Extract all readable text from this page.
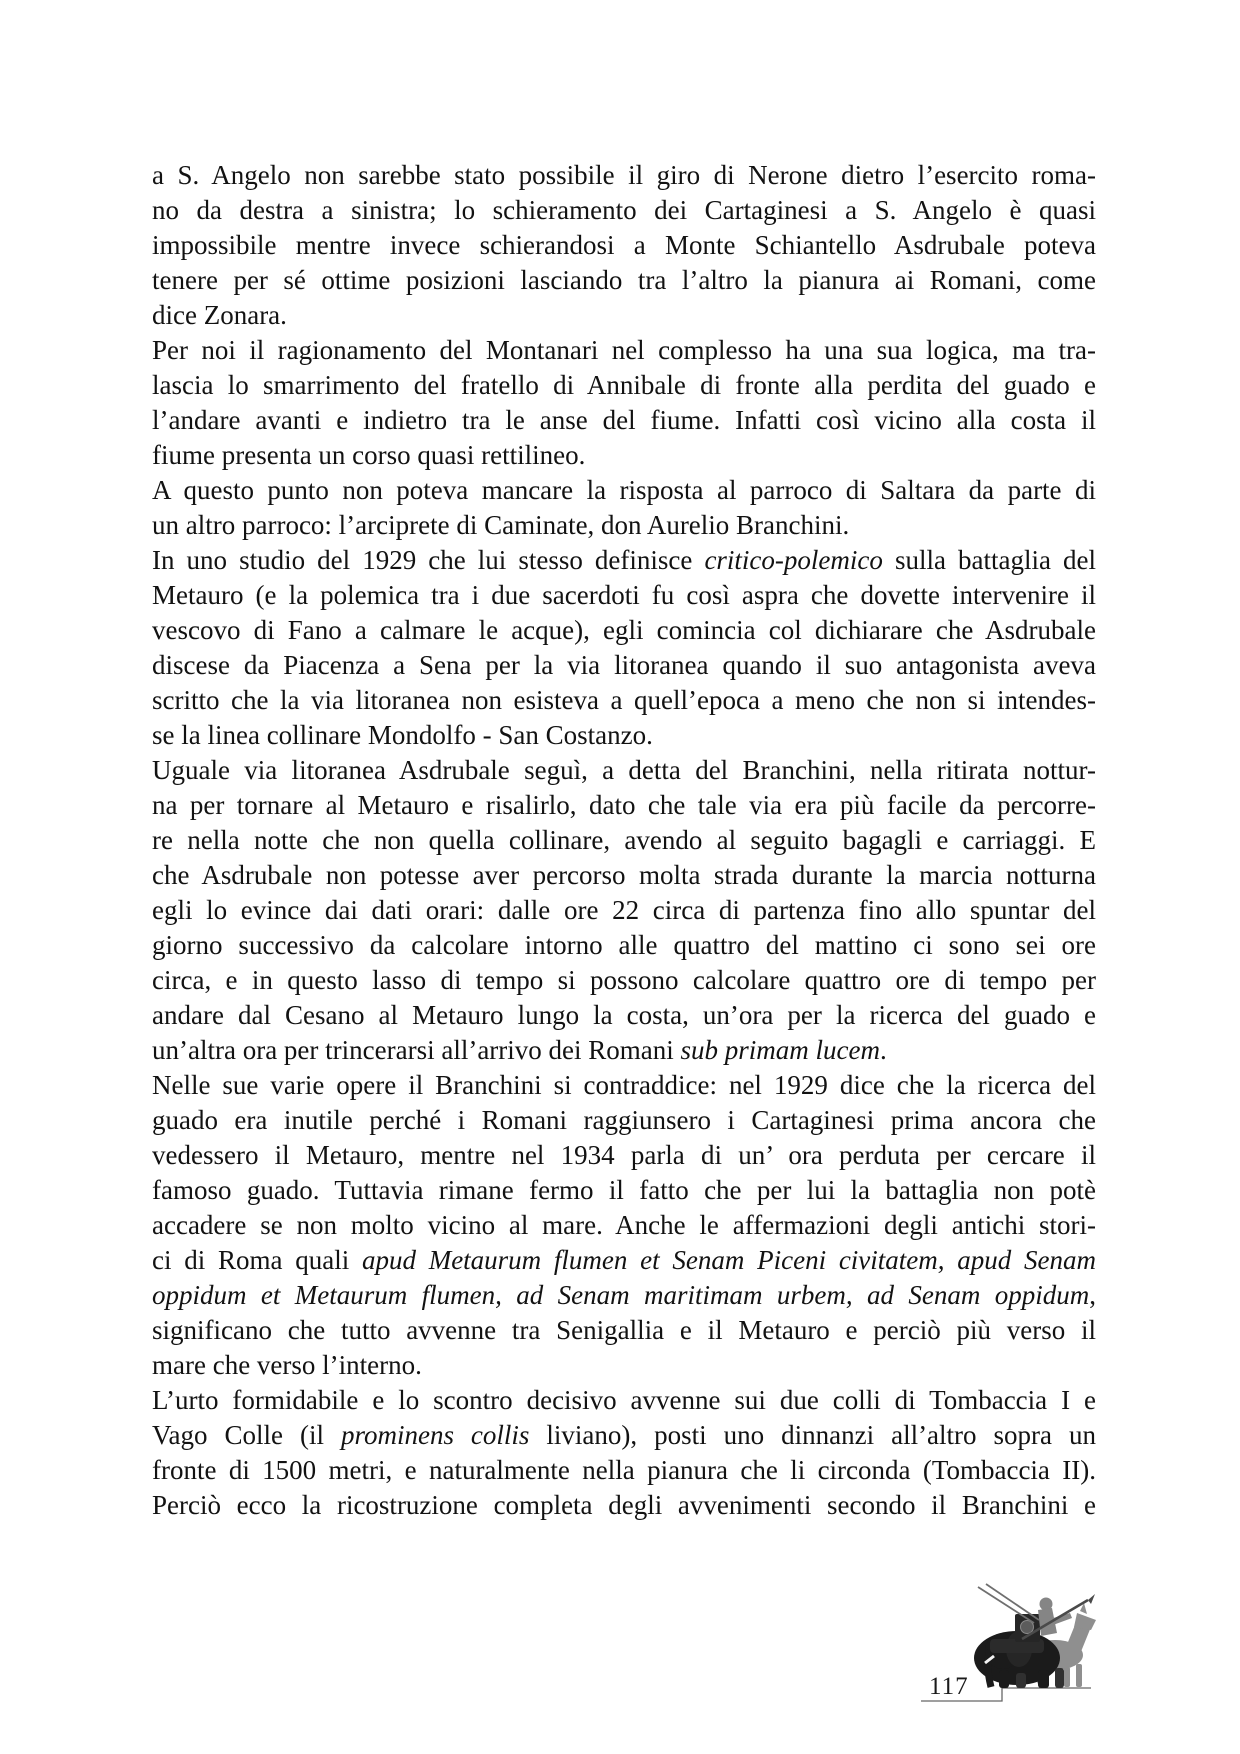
a S. Angelo non sarebbe stato possibile il giro di Nerone dietro l’esercito roma-
no da destra a sinistra; lo schieramento dei Cartaginesi a S. Angelo è quasi
impossibile mentre invece schierandosi a Monte Schiantello Asdrubale poteva
tenere per sé ottime posizioni lasciando tra l’altro la pianura ai Romani, come
dice Zonara.
Per noi il ragionamento del Montanari nel complesso ha una sua logica, ma tra-
lascia lo smarrimento del fratello di Annibale di fronte alla perdita del guado e
l’andare avanti e indietro tra le anse del fiume. Infatti così vicino alla costa il
fiume presenta un corso quasi rettilineo.
A questo punto non poteva mancare la risposta al parroco di Saltara da parte di
un altro parroco: l’arciprete di Caminate, don Aurelio Branchini.
In uno studio del 1929 che lui stesso definisce critico-polemico sulla battaglia del
Metauro (e la polemica tra i due sacerdoti fu così aspra che dovette intervenire il
vescovo di Fano a calmare le acque), egli comincia col dichiarare che Asdrubale
discese da Piacenza a Sena per la via litoranea quando il suo antagonista aveva
scritto che la via litoranea non esisteva a quell’epoca a meno che non si intendes-
se la linea collinare Mondolfo - San Costanzo.
Uguale via litoranea Asdrubale seguì, a detta del Branchini, nella ritirata nottur-
na per tornare al Metauro e risalirlo, dato che tale via era più facile da percorre-
re nella notte che non quella collinare, avendo al seguito bagagli e carriaggi. E
che Asdrubale non potesse aver percorso molta strada durante la marcia notturna
egli lo evince dai dati orari: dalle ore 22 circa di partenza fino allo spuntar del
giorno successivo da calcolare intorno alle quattro del mattino ci sono sei ore
circa, e in questo lasso di tempo si possono calcolare quattro ore di tempo per
andare dal Cesano al Metauro lungo la costa, un’ora per la ricerca del guado e
un’altra ora per trincerarsi all’arrivo dei Romani sub primam lucem.
Nelle sue varie opere il Branchini si contraddice: nel 1929 dice che la ricerca del
guado era inutile perché i Romani raggiunsero i Cartaginesi prima ancora che
vedessero il Metauro, mentre nel 1934 parla di un’ ora perduta per cercare il
famoso guado. Tuttavia rimane fermo il fatto che per lui la battaglia non potè
accadere se non molto vicino al mare. Anche le affermazioni degli antichi stori-
ci di Roma quali apud Metaurum flumen et Senam Piceni civitatem, apud Senam
oppidum et Metaurum flumen, ad Senam maritimam urbem, ad Senam oppidum,
significano che tutto avvenne tra Senigallia e il Metauro e perciò più verso il
mare che verso l’interno.
L’urto formidabile e lo scontro decisivo avvenne sui due colli di Tombaccia I e
Vago Colle (il prominens collis liviano), posti uno dinnanzi all’altro sopra un
fronte di 1500 metri, e naturalmente nella pianura che li circonda (Tombaccia II).
Perciò ecco la ricostruzione completa degli avvenimenti secondo il Branchini e
117
